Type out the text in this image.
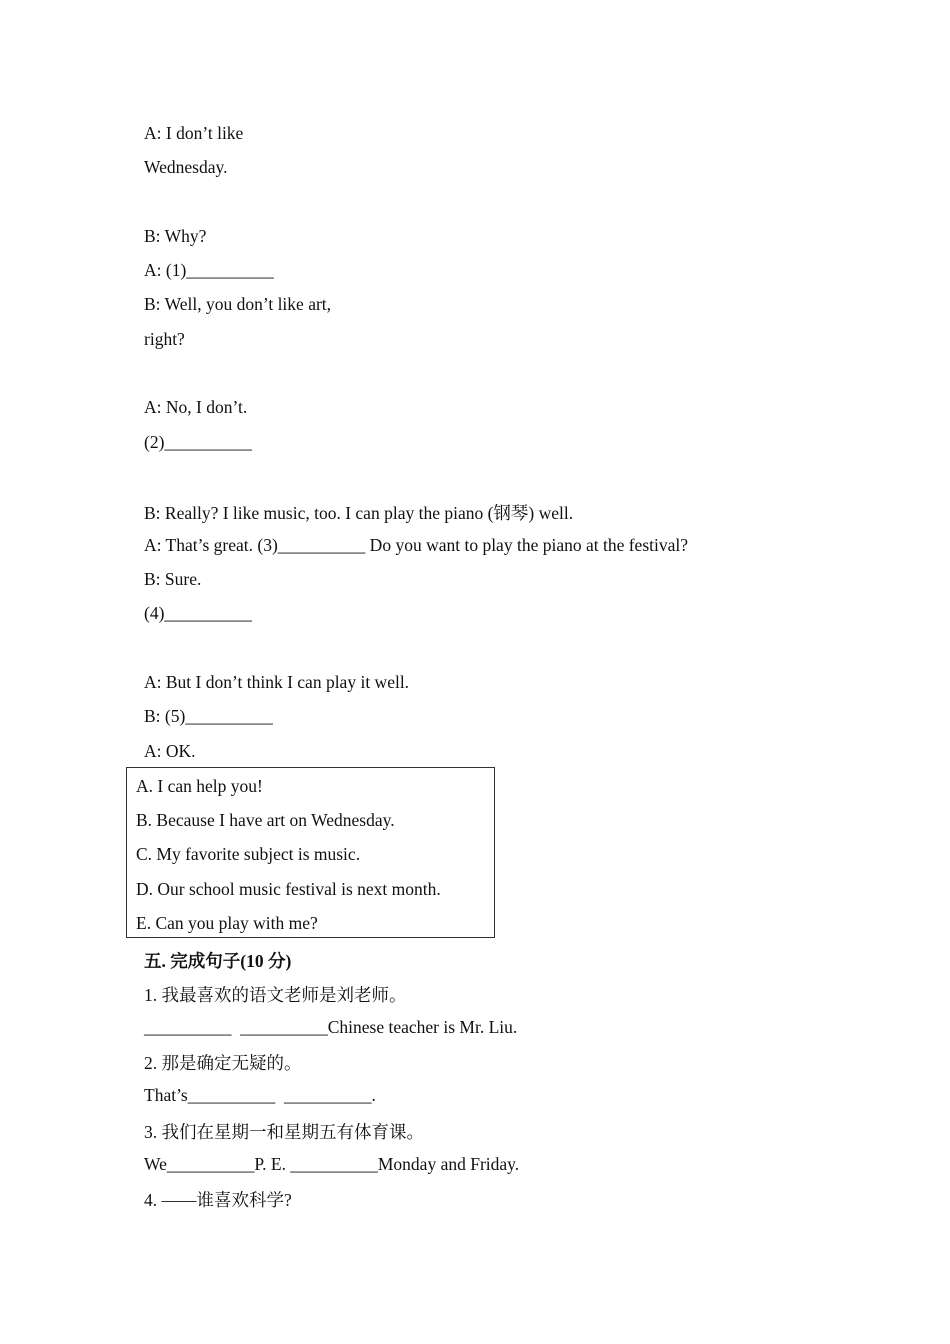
A: I don’t like
Wednesday.
B: Why?
A: (1)__________
B: Well, you don’t like art,
right?
A: No, I don’t.
(2)__________
B: Really? I like music, too. I can play the piano (钢琴) well.
A: That’s great. (3)__________ Do you want to play the piano at the festival?
B: Sure.
(4)__________
A: But I don’t think I can play it well.
B: (5)__________
A: OK.
A. I can help you!
B. Because I have art on Wednesday.
C. My favorite subject is music.
D. Our school music festival is next month.
E. Can you play with me?
五. 完成句子(10 分)
1. 我最喜欢的语文老师是刘老师。
__________  __________Chinese teacher is Mr. Liu.
2. 那是确定无疑的。
That’s__________  __________.
3. 我们在星期一和星期五有体育课。
We__________P. E. __________Monday and Friday.
4. ——谁喜欢科学?
